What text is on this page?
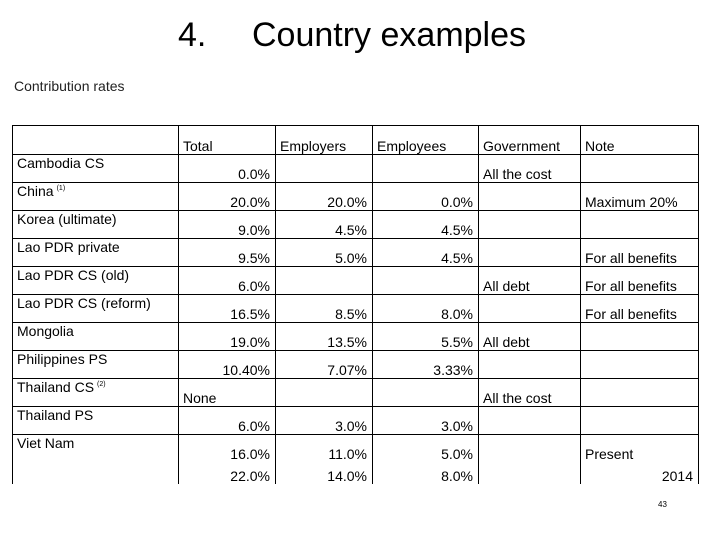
4. Country examples
Contribution rates
	Total	Employers	Employees	Government	Note
Cambodia CS	0.0%			All the cost	
China $^{(1)}$	20.0%	20.0%	0.0%		Maximum 20%
Korea (ultimate)	9.0%	4.5%	4.5%		
Lao PDR private	9.5%	5.0%	4.5%		For all benefits
Lao PDR CS (old)	6.0%			All debt	For all benefits
Lao PDR CS (reform)	16.5%	8.5%	8.0%		For all benefits
Mongolia	19.0%	13.5%	5.5%	All debt	
Philippines PS	10.40%	7.07%	3.33%		
Thailand CS $^{(2)}$	None			All the cost	
Thailand PS	6.0%	3.0%	3.0%		
Viet Nam	16.0%	11.0%	5.0%		Present
	22.0%	14.0%	8.0%		2014
43
